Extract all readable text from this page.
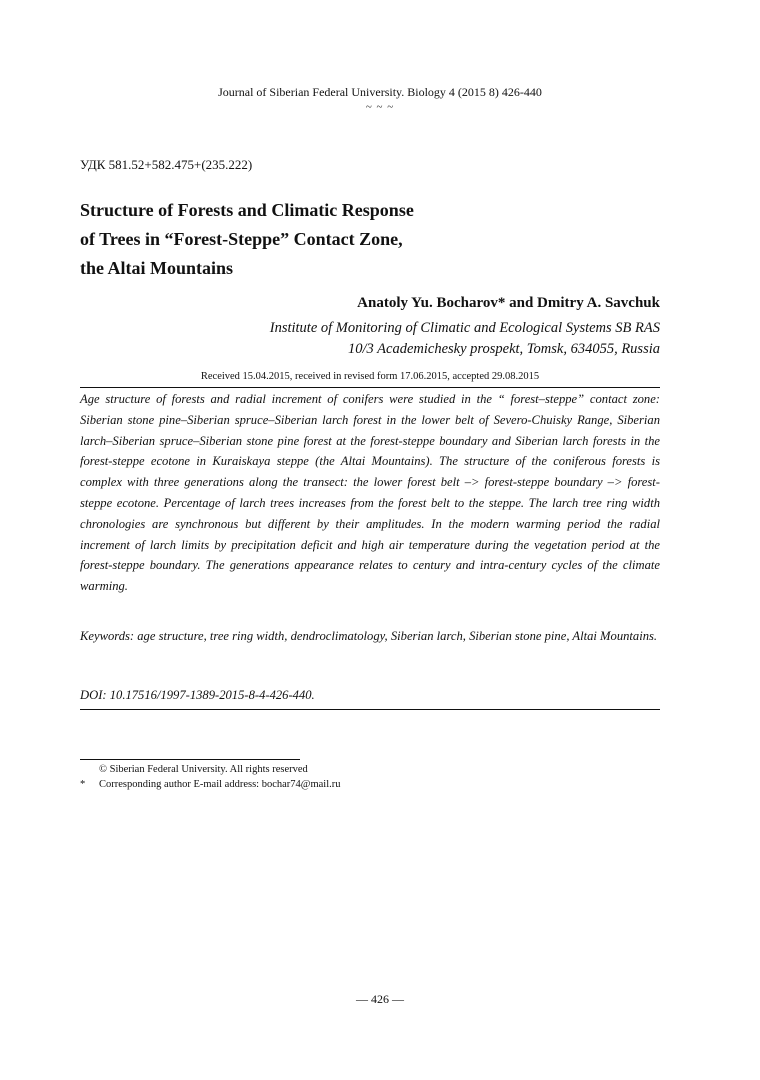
Journal of Siberian Federal University. Biology 4 (2015 8) 426-440
~ ~ ~
УДК 581.52+582.475+(235.222)
Structure of Forests and Climatic Response
of Trees in “Forest-Steppe” Contact Zone,
the Altai Mountains
Anatoly Yu. Bocharov* and Dmitry A. Savchuk
Institute of Monitoring of Climatic and Ecological Systems SB RAS
10/3 Academichesky prospekt, Tomsk, 634055, Russia
Received 15.04.2015, received in revised form 17.06.2015, accepted 29.08.2015

Age structure of forests and radial increment of conifers were studied in the “ forest–steppe” contact zone: Siberian stone pine–Siberian spruce–Siberian larch forest in the lower belt of Severo-Chuisky Range, Siberian larch–Siberian spruce–Siberian stone pine forest at the forest-steppe boundary and Siberian larch forests in the forest-steppe ecotone in Kuraiskaya steppe (the Altai Mountains). The structure of the coniferous forests is complex with three generations along the transect: the lower forest belt –> forest-steppe boundary –> forest-steppe ecotone. Percentage of larch trees increases from the forest belt to the steppe. The larch tree ring width chronologies are synchronous but different by their amplitudes. In the modern warming period the radial increment of larch limits by precipitation deficit and high air temperature during the vegetation period at the forest-steppe boundary. The generations appearance relates to century and intra-century cycles of the climate warming.

Keywords: age structure, tree ring width, dendroclimatology, Siberian larch, Siberian stone pine, Altai Mountains.

DOI: 10.17516/1997-1389-2015-8-4-426-440.
© Siberian Federal University. All rights reserved
* Corresponding author E-mail address: bochar74@mail.ru
― 426 ―
